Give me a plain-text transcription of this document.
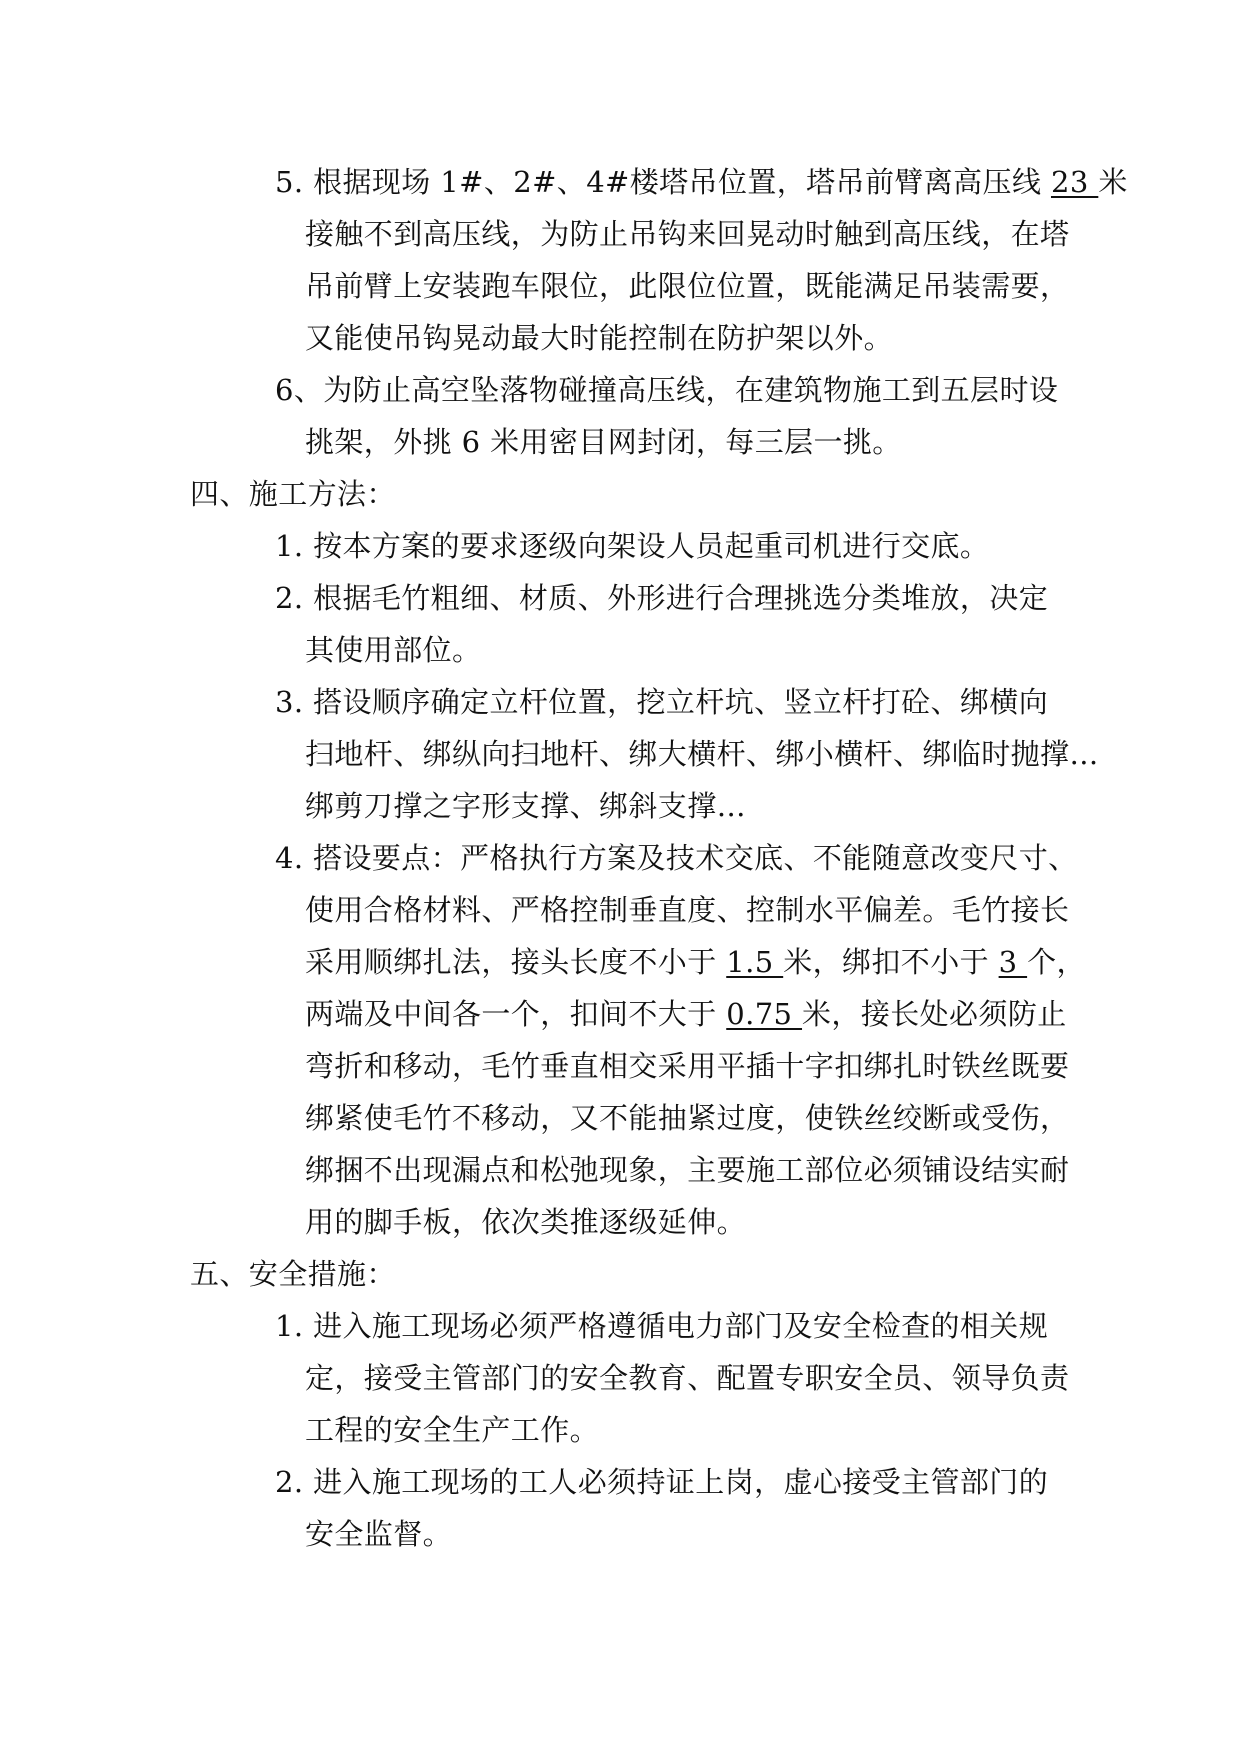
5. 根据现场 1#、2#、4#楼塔吊位置，塔吊前臂离高压线 23 米
接触不到高压线，为防止吊钩来回晃动时触到高压线，在塔
吊前臂上安装跑车限位，此限位位置，既能满足吊装需要，
又能使吊钩晃动最大时能控制在防护架以外。
6、为防止高空坠落物碰撞高压线，在建筑物施工到五层时设
挑架，外挑 6 米用密目网封闭，每三层一挑。
四、施工方法：
1. 按本方案的要求逐级向架设人员起重司机进行交底。
2. 根据毛竹粗细、材质、外形进行合理挑选分类堆放，决定
其使用部位。
3. 搭设顺序确定立杆位置，挖立杆坑、竖立杆打砼、绑横向
扫地杆、绑纵向扫地杆、绑大横杆、绑小横杆、绑临时抛撑…
绑剪刀撑之字形支撑、绑斜支撑…
4. 搭设要点：严格执行方案及技术交底、不能随意改变尺寸、
使用合格材料、严格控制垂直度、控制水平偏差。毛竹接长
采用顺绑扎法，接头长度不小于 1.5 米，绑扣不小于 3 个，
两端及中间各一个，扣间不大于 0.75 米，接长处必须防止
弯折和移动，毛竹垂直相交采用平插十字扣绑扎时铁丝既要
绑紧使毛竹不移动，又不能抽紧过度，使铁丝绞断或受伤，
绑捆不出现漏点和松弛现象，主要施工部位必须铺设结实耐
用的脚手板，依次类推逐级延伸。
五、安全措施：
1. 进入施工现场必须严格遵循电力部门及安全检查的相关规
定，接受主管部门的安全教育、配置专职安全员、领导负责
工程的安全生产工作。
2. 进入施工现场的工人必须持证上岗，虚心接受主管部门的
安全监督。
